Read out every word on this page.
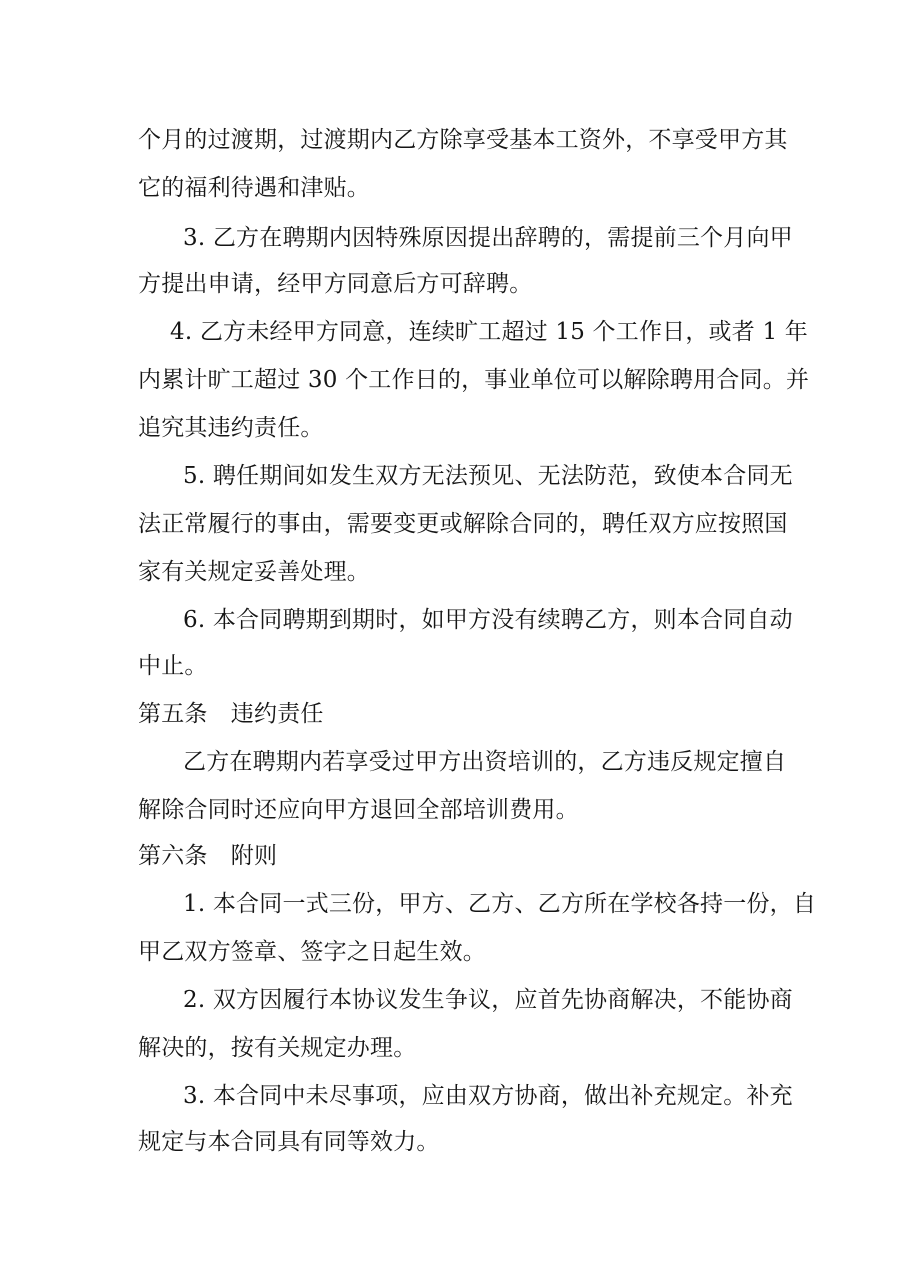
个月的过渡期，过渡期内乙方除享受基本工资外，不享受甲方其
它的福利待遇和津贴。
3. 乙方在聘期内因特殊原因提出辞聘的，需提前三个月向甲
方提出申请，经甲方同意后方可辞聘。
4. 乙方未经甲方同意，连续旷工超过 15 个工作日，或者 1 年
内累计旷工超过 30 个工作日的，事业单位可以解除聘用合同。并
追究其违约责任。
5. 聘任期间如发生双方无法预见、无法防范，致使本合同无
法正常履行的事由，需要变更或解除合同的，聘任双方应按照国
家有关规定妥善处理。
6. 本合同聘期到期时，如甲方没有续聘乙方，则本合同自动
中止。
第五条　违约责任
乙方在聘期内若享受过甲方出资培训的，乙方违反规定擅自
解除合同时还应向甲方退回全部培训费用。
第六条　附则
1. 本合同一式三份，甲方、乙方、乙方所在学校各持一份，自
甲乙双方签章、签字之日起生效。
2. 双方因履行本协议发生争议，应首先协商解决，不能协商
解决的，按有关规定办理。
3. 本合同中未尽事项，应由双方协商，做出补充规定。补充
规定与本合同具有同等效力。
